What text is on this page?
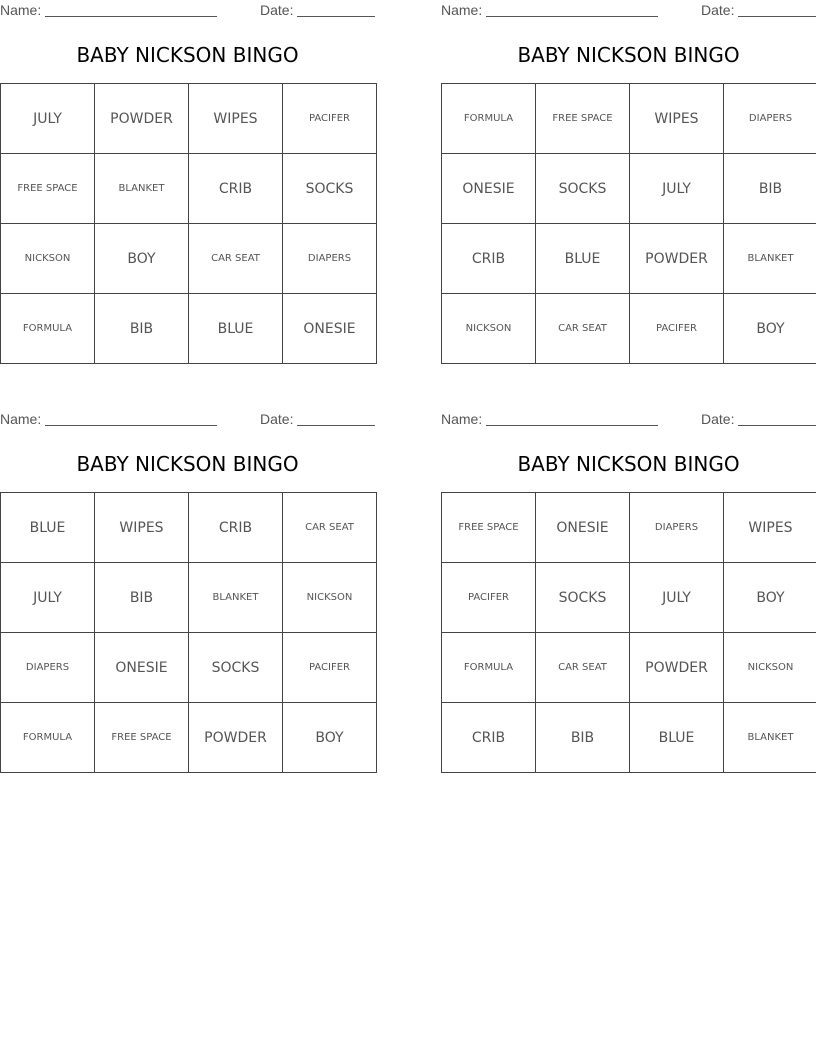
Name:	Date:
BABY NICKSON BINGO
JULY	POWDER	WIPES	PACIFER
FREE SPACE	BLANKET	CRIB	SOCKS
NICKSON	BOY	CAR SEAT	DIAPERS
FORMULA	BIB	BLUE	ONESIE
Name:	Date:
BABY NICKSON BINGO
FORMULA	FREE SPACE	WIPES	DIAPERS
ONESIE	SOCKS	JULY	BIB
CRIB	BLUE	POWDER	BLANKET
NICKSON	CAR SEAT	PACIFER	BOY
Name:	Date:
BABY NICKSON BINGO
BLUE	WIPES	CRIB	CAR SEAT
JULY	BIB	BLANKET	NICKSON
DIAPERS	ONESIE	SOCKS	PACIFER
FORMULA	FREE SPACE	POWDER	BOY
Name:	Date:
BABY NICKSON BINGO
FREE SPACE	ONESIE	DIAPERS	WIPES
PACIFER	SOCKS	JULY	BOY
FORMULA	CAR SEAT	POWDER	NICKSON
CRIB	BIB	BLUE	BLANKET
